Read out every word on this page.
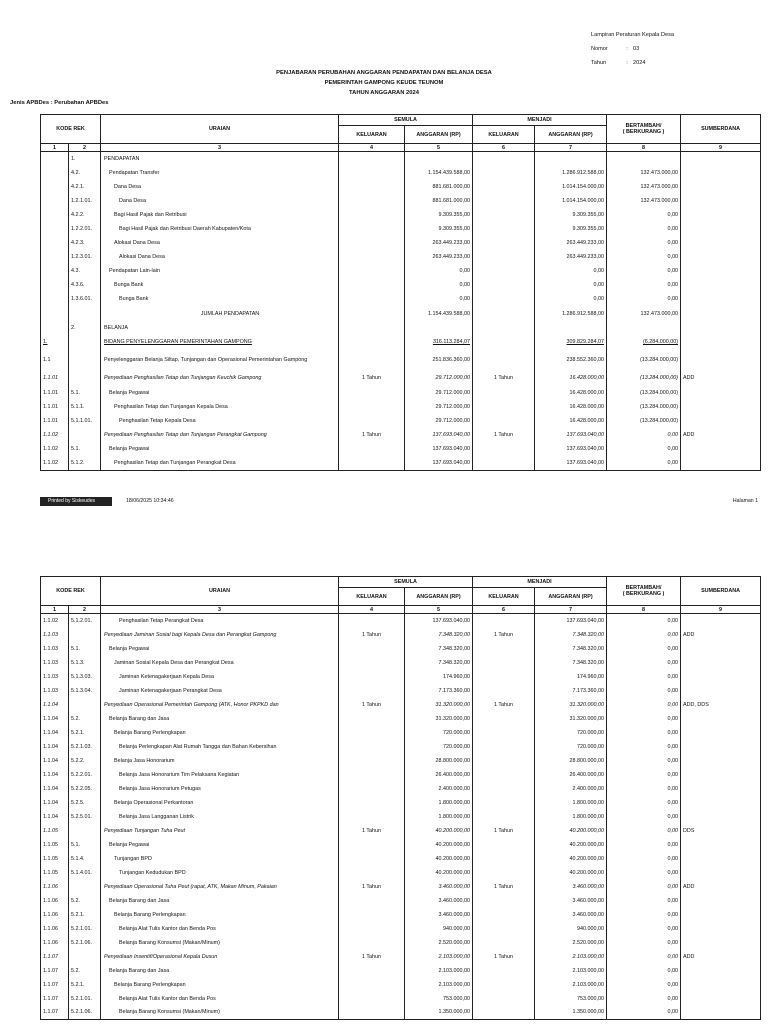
Lampiran Peraturan Kepala Desa
Nomor	: 03
Tahun	: 2024
PENJABARAN PERUBAHAN ANGGARAN PENDAPATAN DAN BELANJA DESA
PEMERINTAH GAMPONG KEUDE TEUNOM
TAHUN ANGGARAN 2024
Jenis APBDes : Perubahan APBDes
KODE REK		URAIAN	SEMULA		MENJADI		BERTAMBAH/
( BERKURANG )	SUMBERDANA
			KELUARAN	ANGGARAN (RP)	KELUARAN	ANGGARAN (RP)		
1	2	3	4	5	6	7	8	9
	1.	PENDAPATAN						
	4.2.	Pendapatan Transfer		1.154.439.588,00		1.286.912.588,00	132.473.000,00	
	4.2.1.	Dana Desa		881.681.000,00		1.014.154.000,00	132.473.000,00	
	1.2.1.01.	Dana Desa		881.681.000,00		1.014.154.000,00	132.473.000,00	
	4.2.2.	Bagi Hasil Pajak dan Retribusi		9.309.355,00		9.309.355,00	0,00	
	1.2.2.01.	Bagi Hasil Pajak dan Retribusi Daerah Kabupaten/Kota		9.309.355,00		9.309.355,00	0,00	
	4.2.3.	Alokasi Dana Desa		263.449.233,00		263.449.233,00	0,00	
	1.2.3.01.	Alokasi Dana Desa		263.449.233,00		263.449.233,00	0,00	
	4.3.	Pendapatan Lain-lain		0,00		0,00	0,00	
	4.3.6.	Bunga Bank		0,00		0,00	0,00	
	1.3.6.01.	Bunga Bank		0,00		0,00	0,00	
		JUMLAH PENDAPATAN		1.154.439.588,00		1.286.912.588,00	132.473.000,00	
	2.	BELANJA						
1.		BIDANG PENYELENGGARAN PEMERINTAHAN GAMPONG		316.113.284,07		309.829.284,07	(6.284.000,00)	
1.1		Penyelenggaran Belanja Siltap, Tunjangan dan Operasional Pemerintahan Gampong		251.836.360,00		238.552.360,00	(13.284.000,00)	
1.1.01		Penyediaan Penghasilan Tetap dan Tunjangan Keuchik Gampong	1 Tahun	29.712.000,00	1 Tahun	16.428.000,00	(13.284.000,00)	ADD
1.1.01	5.1.	Belanja Pegawai		29.712.000,00		16.428.000,00	(13.284.000,00)	
1.1.01	5.1.1.	Penghasilan Tetap dan Tunjangan Kepala Desa		29.712.000,00		16.428.000,00	(13.284.000,00)	
1.1.01	5.1.1.01.	Penghasilan Tetap Kepala Desa		29.712.000,00		16.428.000,00	(13.284.000,00)	
1.1.02		Penyediaan Penghasilan Tetap dan Tunjangan Perangkat Gampong	1 Tahun	137.693.040,00	1 Tahun	137.693.040,00	0,00	ADD
1.1.02	5.1.	Belanja Pegawai		137.693.040,00		137.693.040,00	0,00	
1.1.02	5.1.2.	Penghasilan Tetap dan Tunjangan Perangkat Desa		137.693.040,00		137.693.040,00	0,00	
Printed by Siskeudes	18/06/2025 10:34:46	Halaman 1
KODE REK		URAIAN	SEMULA		MENJADI		BERTAMBAH/
( BERKURANG )	SUMBERDANA
			KELUARAN	ANGGARAN (RP)	KELUARAN	ANGGARAN (RP)		
1	2	3	4	5	6	7	8	9
1.1.02	5.1.2.01.	Penghasilan Tetap Perangkat Desa		137.693.040,00		137.693.040,00	0,00	
1.1.03		Penyediaan Jaminan Sosial bagi Kepala Desa dan Perangkat Gampong	1 Tahun	7.348.320,00	1 Tahun	7.348.320,00	0,00	ADD
1.1.03	5.1.	Belanja Pegawai		7.348.320,00		7.348.320,00	0,00	
1.1.03	5.1.3.	Jaminan Sosial Kepala Desa dan Perangkat Desa		7.348.320,00		7.348.320,00	0,00	
1.1.03	5.1.3.03.	Jaminan Ketenagakerjaan Kepala Desa		174.960,00		174.960,00	0,00	
1.1.03	5.1.3.04.	Jaminan Ketenagakerjaan Perangkat Desa		7.173.360,00		7.173.360,00	0,00	
1.1.04		Penyediaan Operasional Pemerintah Gampong (ATK, Honor PKPKD dan	1 Tahun	31.320.000,00	1 Tahun	31.320.000,00	0,00	ADD, DDS
1.1.04	5.2.	Belanja Barang dan Jasa		31.320.000,00		31.320.000,00	0,00	
1.1.04	5.2.1.	Belanja Barang Perlengkapan		720.000,00		720.000,00	0,00	
1.1.04	5.2.1.03.	Belanja Perlengkapan Alat Rumah Tangga dan Bahan Kebersihan		720.000,00		720.000,00	0,00	
1.1.04	5.2.2.	Belanja Jasa Honorarium		28.800.000,00		28.800.000,00	0,00	
1.1.04	5.2.2.01.	Belanja Jasa Honorarium Tim Pelaksana Kegiatan		26.400.000,00		26.400.000,00	0,00	
1.1.04	5.2.2.05.	Belanja Jasa Honorarium Petugas		2.400.000,00		2.400.000,00	0,00	
1.1.04	5.2.5.	Belanja Operasional Perkantoran		1.800.000,00		1.800.000,00	0,00	
1.1.04	5.2.5.01.	Belanja Jasa Langganan Listrik		1.800.000,00		1.800.000,00	0,00	
1.1.05		Penyediaan Tunjangan Tuha Peut	1 Tahun	40.200.000,00	1 Tahun	40.200.000,00	0,00	DDS
1.1.05	5.1.	Belanja Pegawai		40.200.000,00		40.200.000,00	0,00	
1.1.05	5.1.4.	Tunjangan BPD		40.200.000,00		40.200.000,00	0,00	
1.1.05	5.1.4.01.	Tunjangan Kedudukan BPD		40.200.000,00		40.200.000,00	0,00	
1.1.06		Penyediaan Operasional Tuha Peut (rapat, ATK, Makan Minum, Pakaian	1 Tahun	3.460.000,00	1 Tahun	3.460.000,00	0,00	ADD
1.1.06	5.2.	Belanja Barang dan Jasa		3.460.000,00		3.460.000,00	0,00	
1.1.06	5.2.1.	Belanja Barang Perlengkapan		3.460.000,00		3.460.000,00	0,00	
1.1.06	5.2.1.01.	Belanja Alat Tulis Kantor dan Benda Pos		940.000,00		940.000,00	0,00	
1.1.06	5.2.1.06.	Belanja Barang Konsumsi (Makan/Minum)		2.520.000,00		2.520.000,00	0,00	
1.1.07		Penyediaan Insentif/Operasional Kepala Dusun	1 Tahun	2.103.000,00	1 Tahun	2.103.000,00	0,00	ADD
1.1.07	5.2.	Belanja Barang dan Jasa		2.103.000,00		2.103.000,00	0,00	
1.1.07	5.2.1.	Belanja Barang Perlengkapan		2.103.000,00		2.103.000,00	0,00	
1.1.07	5.2.1.01.	Belanja Alat Tulis Kantor dan Benda Pos		753.000,00		753.000,00	0,00	
1.1.07	5.2.1.06.	Belanja Barang Konsumsi (Makan/Minum)		1.350.000,00		1.350.000,00	0,00	
